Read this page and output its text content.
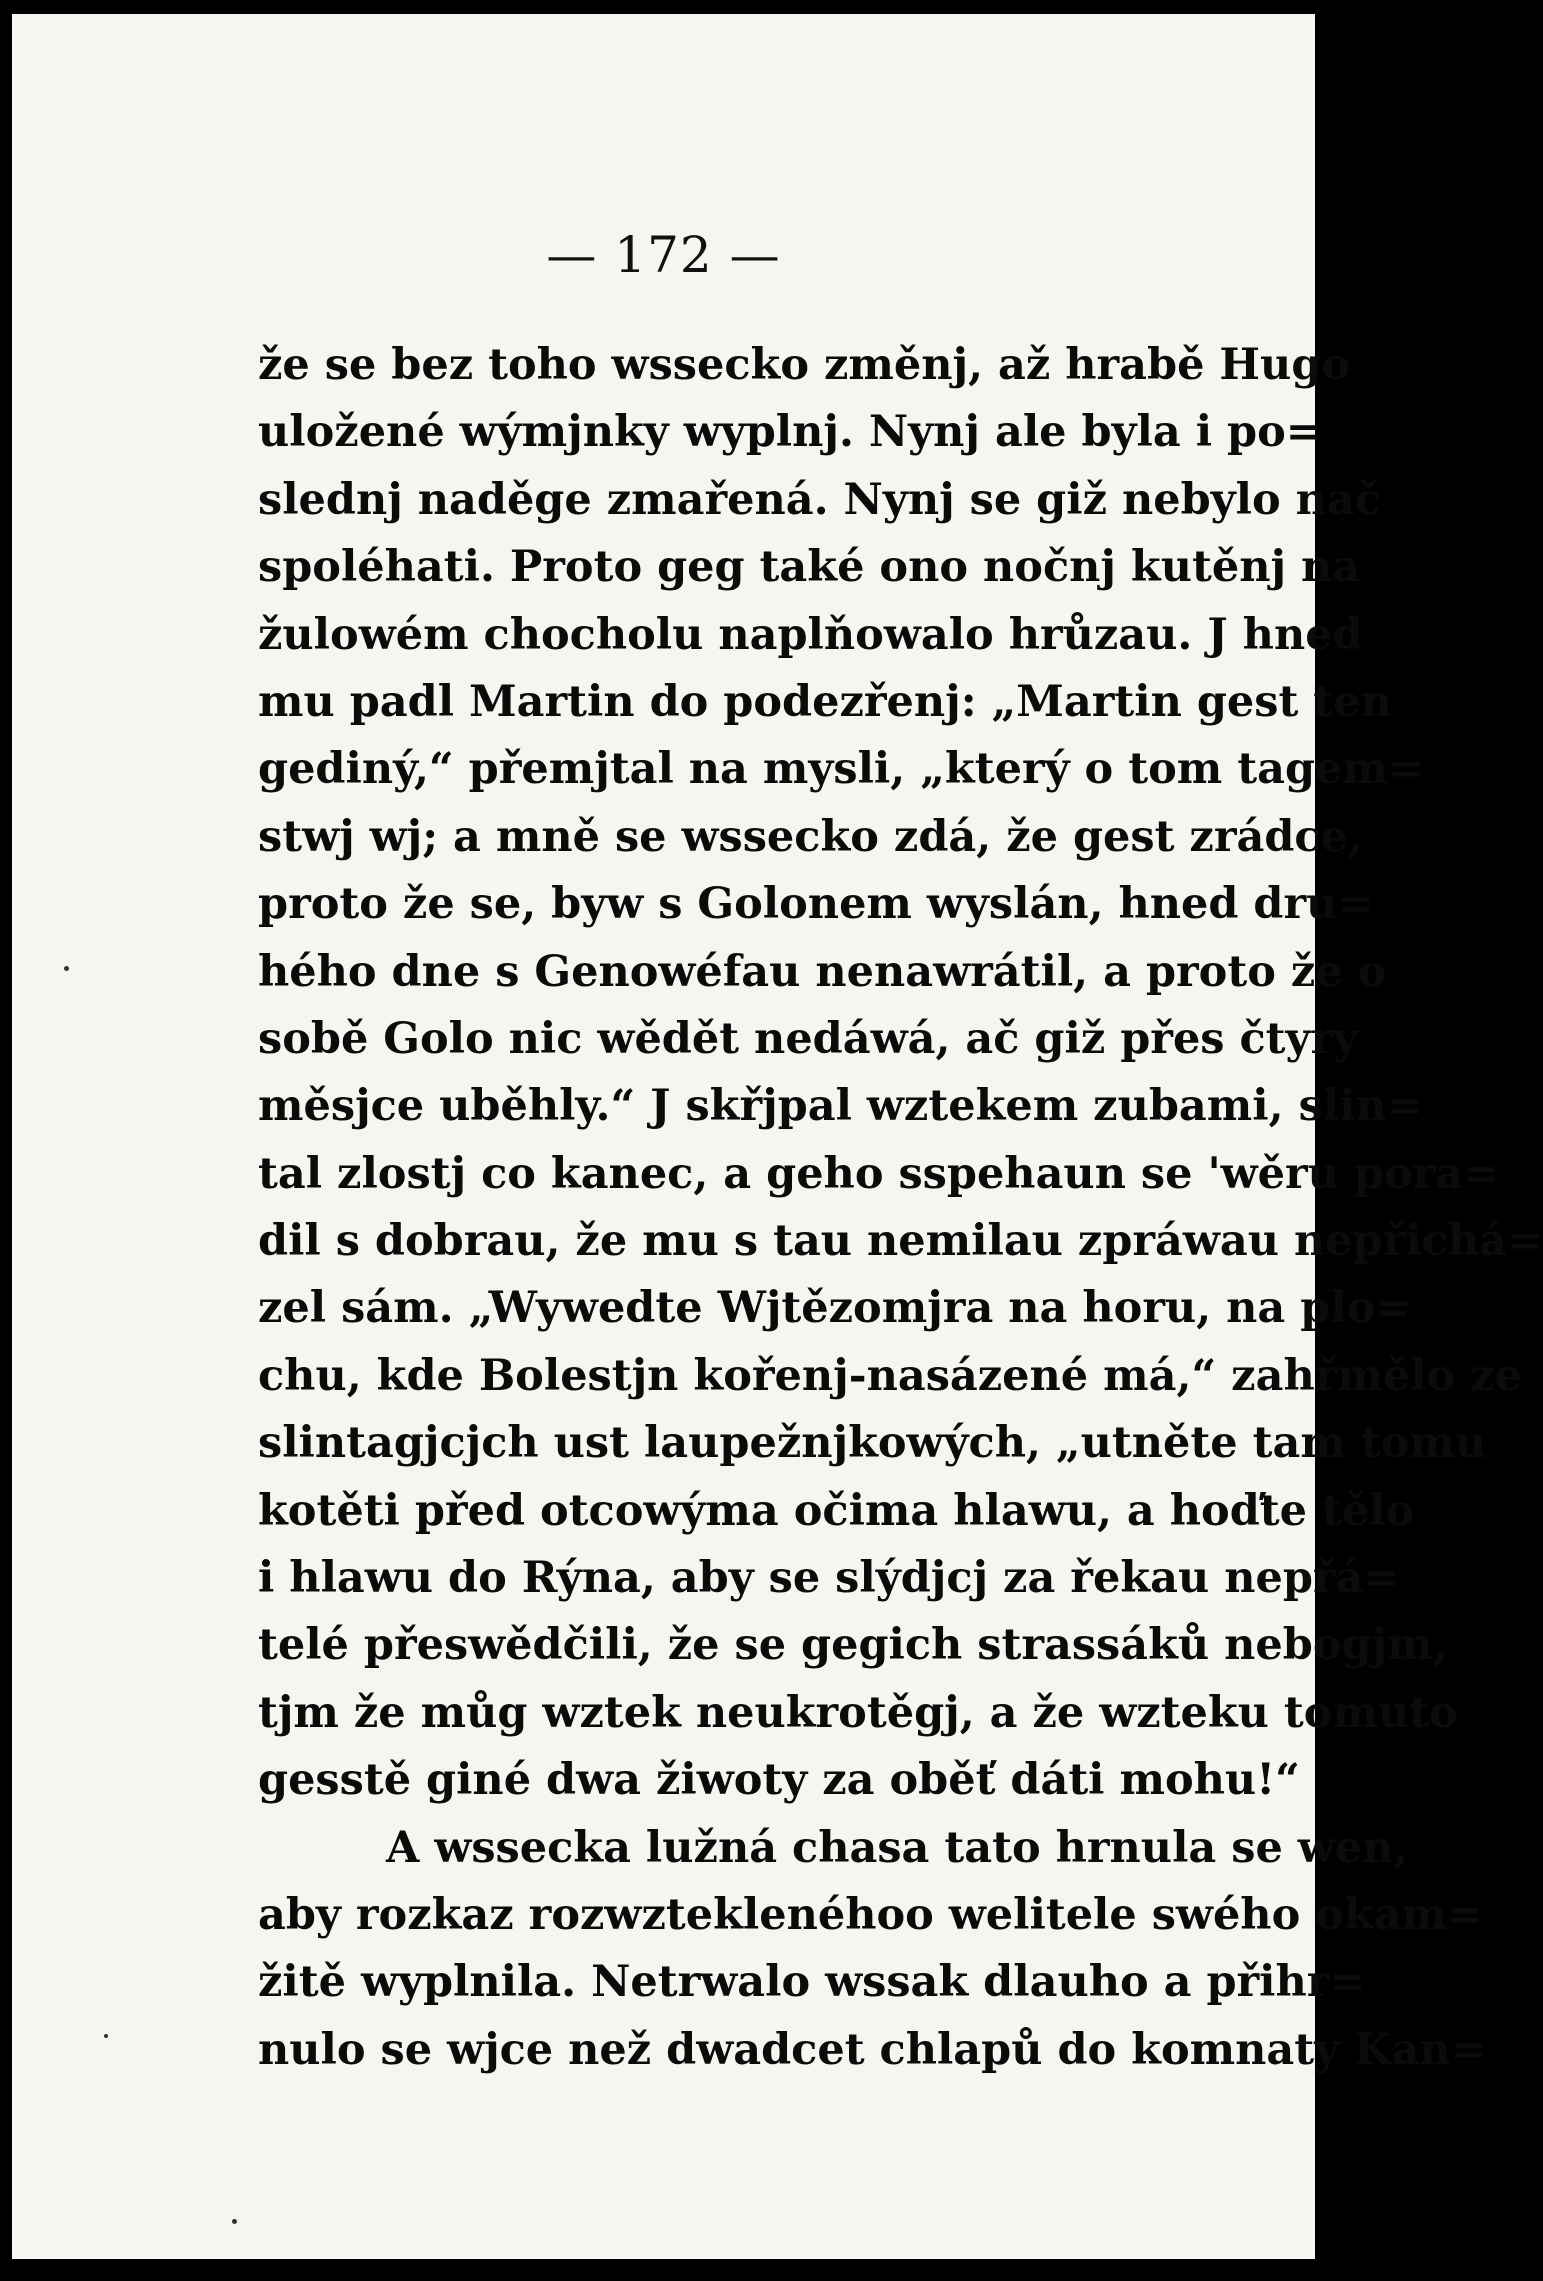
— 172 —
že se bez toho wssecko změnj, až hrabě Hugo
uložené wýmjnky wyplnj. Nynj ale byla i po=
slednj naděge zmařená. Nynj se giž nebylo nač
spoléhati. Proto geg také ono nočnj kutěnj na
žulowém chocholu naplňowalo hrůzau. J hned
mu padl Martin do podezřenj: „Martin gest ten
gediný,“ přemjtal na mysli, „který o tom tagem=
stwj wj; a mně se wssecko zdá, že gest zrádce,
proto že se, byw s Golonem wyslán, hned dru=
hého dne s Genowéfau nenawrátil, a proto že o
sobě Golo nic wědět nedáwá, ač giž přes čtyry
měsjce uběhly.“ J skřjpal wztekem zubami, slin=
tal zlostj co kanec, a geho sspehaun se 'wěru pora=
dil s dobrau, že mu s tau nemilau zpráwau nepřichá=
zel sám. „Wywedte Wjtězomjra na horu, na plo=
chu, kde Bolestjn kořenj-nasázené má,“ zahřmělo ze
slintagjcjch ust laupežnjkowých, „utněte tam tomu
kotěti před otcowýma očima hlawu, a hoďte tělo
i hlawu do Rýna, aby se slýdjcj za řekau nepřá=
telé přeswědčili, že se gegich strassáků nebogjm,
tjm že můg wztek neukrotěgj, a že wzteku tomuto
gesstě giné dwa žiwoty za oběť dáti mohu!“
A wssecka lužná chasa tato hrnula se wen,
aby rozkaz rozwzteklenéhoo welitele swého okam=
žitě wyplnila. Netrwalo wssak dlauho a přihr=
nulo se wjce než dwadcet chlapů do komnaty Kan=
